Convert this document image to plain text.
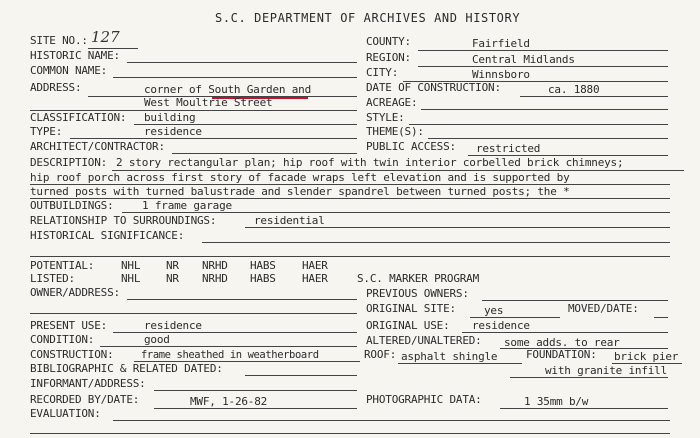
S.C. DEPARTMENT OF ARCHIVES AND HISTORY
SITE NO.: 127
HISTORIC NAME:
COMMON NAME:
ADDRESS:	corner of South Garden and
West Moultrie Street
CLASSIFICATION: building
TYPE:	residence
ARCHITECT/CONTRACTOR:
COUNTY:	Fairfield
REGION:	Central Midlands
CITY:	Winnsboro
DATE OF CONSTRUCTION:	ca. 1880
ACREAGE:
STYLE:
THEME(S):
PUBLIC ACCESS: restricted
DESCRIPTION: 2 story rectangular plan; hip roof with twin interior corbelled brick chimneys;
hip roof porch across first story of facade wraps left elevation and is supported by
turned posts with turned balustrade and slender spandrel between turned posts; the *
OUTBUILDINGS:	1 frame garage
RELATIONSHIP TO SURROUNDINGS:	residential
HISTORICAL SIGNIFICANCE:
POTENTIAL:
LISTED:
NHL NR NRHD HABS HAER
NHL NR NRHD HABS HAER	S.C. MARKER PROGRAM
OWNER/ADDRESS:
PRESENT USE:	residence
CONDITION:	good
CONSTRUCTION:	frame sheathed in weatherboard
BIBLIOGRAPHIC & RELATED DATED:
INFORMANT/ADDRESS:
RECORDED BY/DATE:	MWF, 1-26-82
EVALUATION:
PREVIOUS OWNERS:
ORIGINAL SITE:	yes	MOVED/DATE:
ORIGINAL USE: residence
ALTERED/UNALTERED: some adds. to rear
ROOF: asphalt shingle	FOUNDATION: brick pier
with granite infill
PHOTOGRAPHIC DATA:	1 35mm b/w
